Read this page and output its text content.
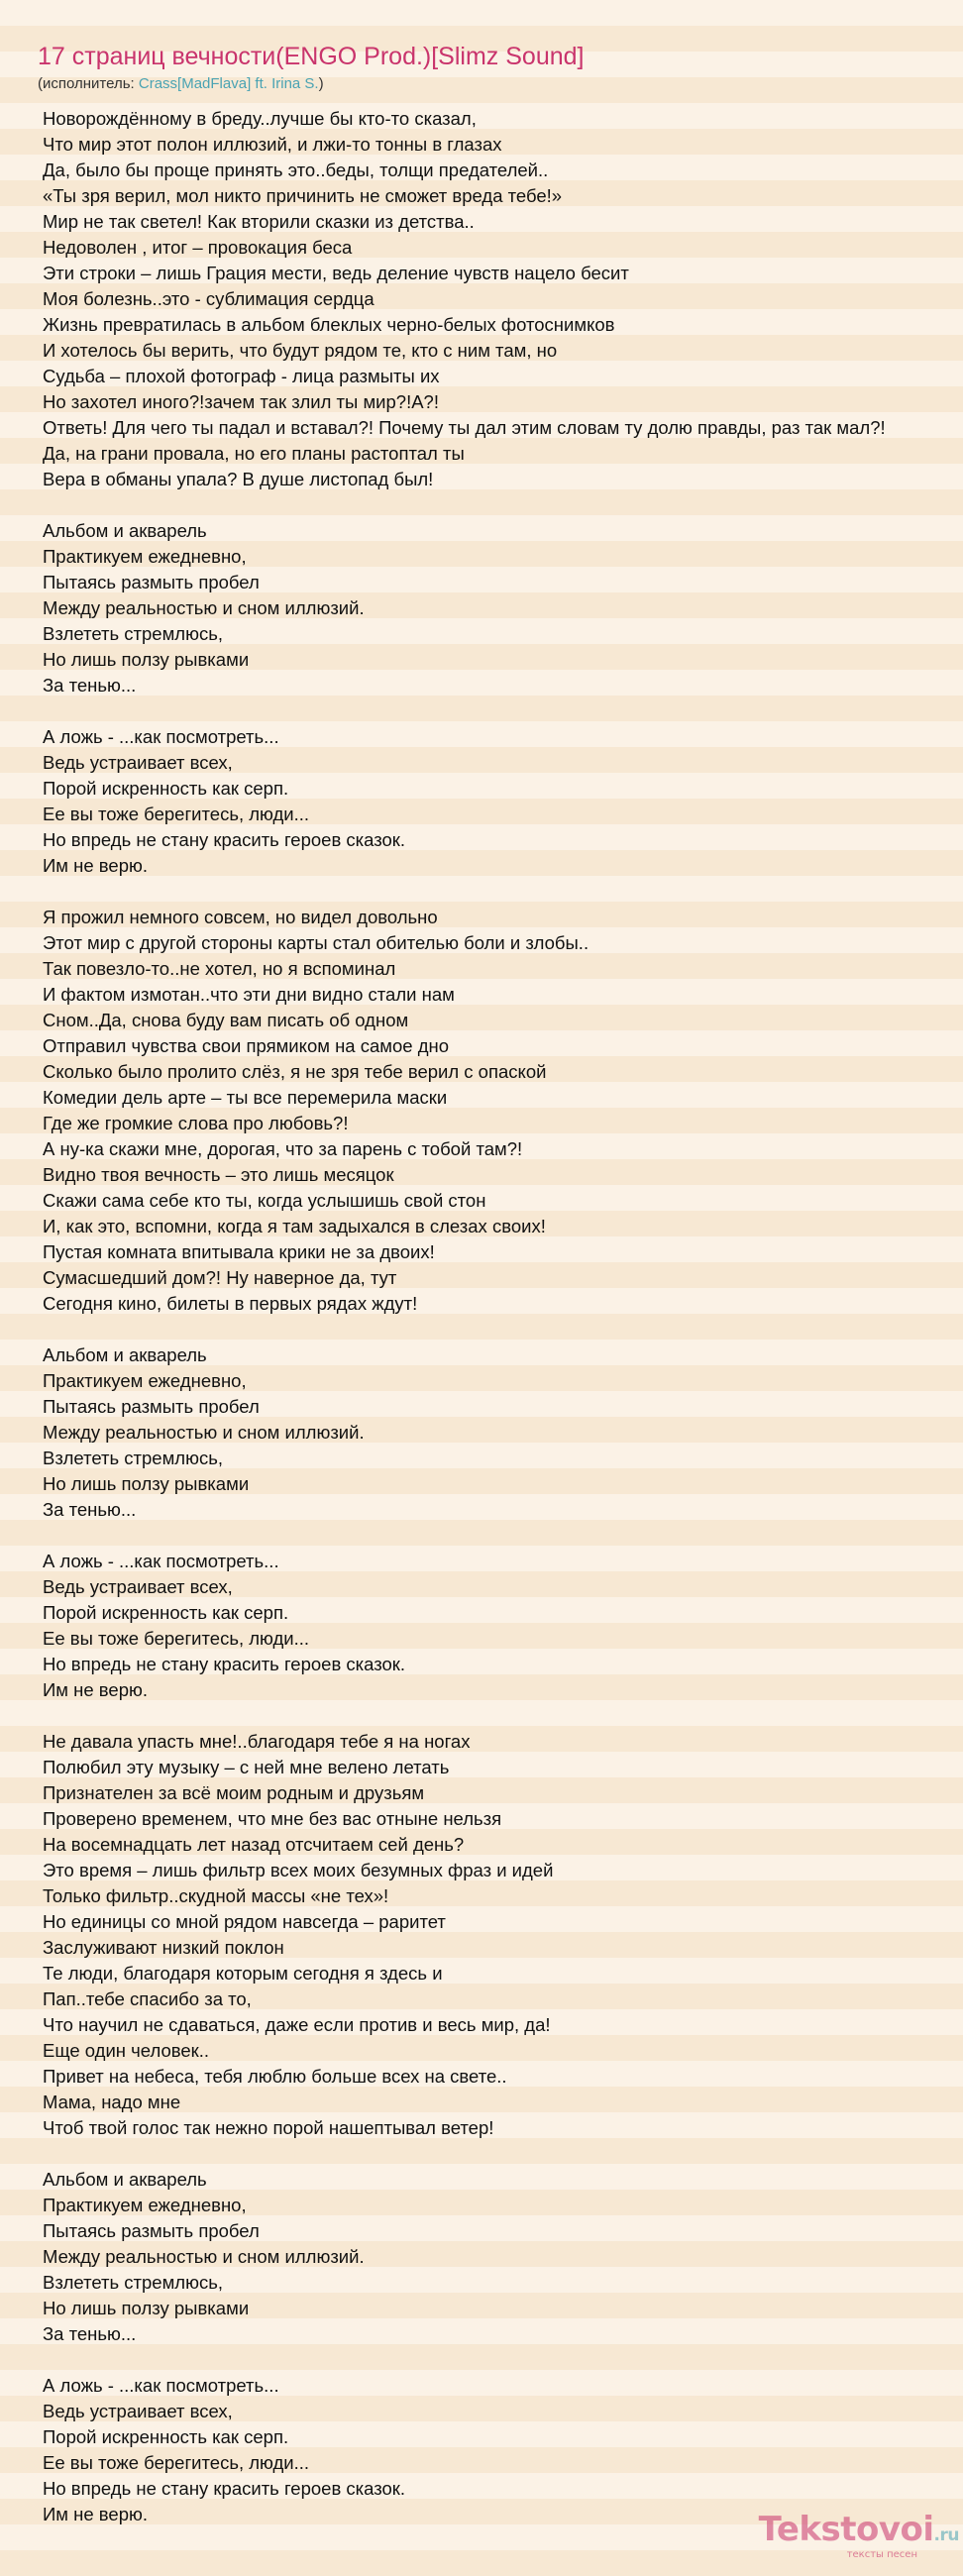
17 страниц вечности(ENGO Prod.)[Slimz Sound]
(исполнитель: Crass[MadFlava] ft. Irina S.)
Новорождённому в бреду..лучше бы кто-то сказал,
Что мир этот полон иллюзий, и лжи-то тонны в глазах
Да, было бы проще принять это..беды, толщи предателей..
«Ты зря верил, мол никто причинить не сможет вреда тебе!»
Мир не так светел! Как вторили сказки из детства..
Недоволен , итог – провокация беса
Эти строки – лишь Грация мести, ведь деление чувств нацело бесит
Моя болезнь..это - сублимация сердца
Жизнь превратилась в альбом блеклых черно-белых фотоснимков
И хотелось бы верить, что будут рядом те, кто с ним там, но
Судьба – плохой фотограф - лица размыты их
Но захотел иного?!зачем так злил ты мир?!А?!
Ответь! Для чего ты падал и вставал?! Почему ты дал этим словам ту долю правды, раз так мал?!
Да, на грани провала, но его планы растоптал ты
Вера в обманы упала? В душе листопад был!
Альбом и акварель
Практикуем ежедневно,
Пытаясь размыть пробел
Между реальностью и сном иллюзий.
Взлететь стремлюсь,
Но лишь ползу рывками
За тенью...
А ложь - ...как посмотреть...
Ведь устраивает всех,
Порой искренность как серп.
Ее вы тоже берегитесь, люди...
Но впредь не стану красить героев сказок.
Им не верю.
Я прожил немного совсем, но видел довольно
Этот мир с другой стороны карты стал обителью боли и злобы..
Так повезло-то..не хотел, но я вспоминал
И фактом измотан..что эти дни видно стали нам
Сном..Да, снова буду вам писать об одном
Отправил чувства свои прямиком на самое дно
Сколько было пролито слёз, я не зря тебе верил с опаской
Комедии дель арте – ты все перемерила маски
Где же громкие слова про любовь?!
А ну-ка скажи мне, дорогая, что за парень с тобой там?!
Видно твоя вечность – это лишь месяцок
Скажи сама себе кто ты, когда услышишь свой стон
И, как это, вспомни, когда я там задыхался в слезах своих!
Пустая комната впитывала крики не за двоих!
Сумасшедший дом?! Ну наверное да, тут
Сегодня кино, билеты в первых рядах ждут!
Альбом и акварель
Практикуем ежедневно,
Пытаясь размыть пробел
Между реальностью и сном иллюзий.
Взлететь стремлюсь,
Но лишь ползу рывками
За тенью...
А ложь - ...как посмотреть...
Ведь устраивает всех,
Порой искренность как серп.
Ее вы тоже берегитесь, люди...
Но впредь не стану красить героев сказок.
Им не верю.
Не давала упасть мне!..благодаря тебе я на ногах
Полюбил эту музыку – с ней мне велено летать
Признателен за всё моим родным и друзьям
Проверено временем, что мне без вас отныне нельзя
На восемнадцать лет назад отсчитаем сей день?
Это время – лишь фильтр всех моих безумных фраз и идей
Только фильтр..скудной массы «не тех»!
Но единицы со мной рядом навсегда – раритет
Заслуживают низкий поклон
Те люди, благодаря которым сегодня я здесь и
Пап..тебе спасибо за то,
Что научил не сдаваться, даже если против и весь мир, да!
Еще один человек..
Привет на небеса, тебя люблю больше всех на свете..
Мама, надо мне
Чтоб твой голос так нежно порой нашептывал ветер!
Альбом и акварель
Практикуем ежедневно,
Пытаясь размыть пробел
Между реальностью и сном иллюзий.
Взлететь стремлюсь,
Но лишь ползу рывками
За тенью...
А ложь - ...как посмотреть...
Ведь устраивает всех,
Порой искренность как серп.
Ее вы тоже берегитесь, люди...
Но впредь не стану красить героев сказок.
Им не верю.	Tekstovoi.ru
тексты песен
